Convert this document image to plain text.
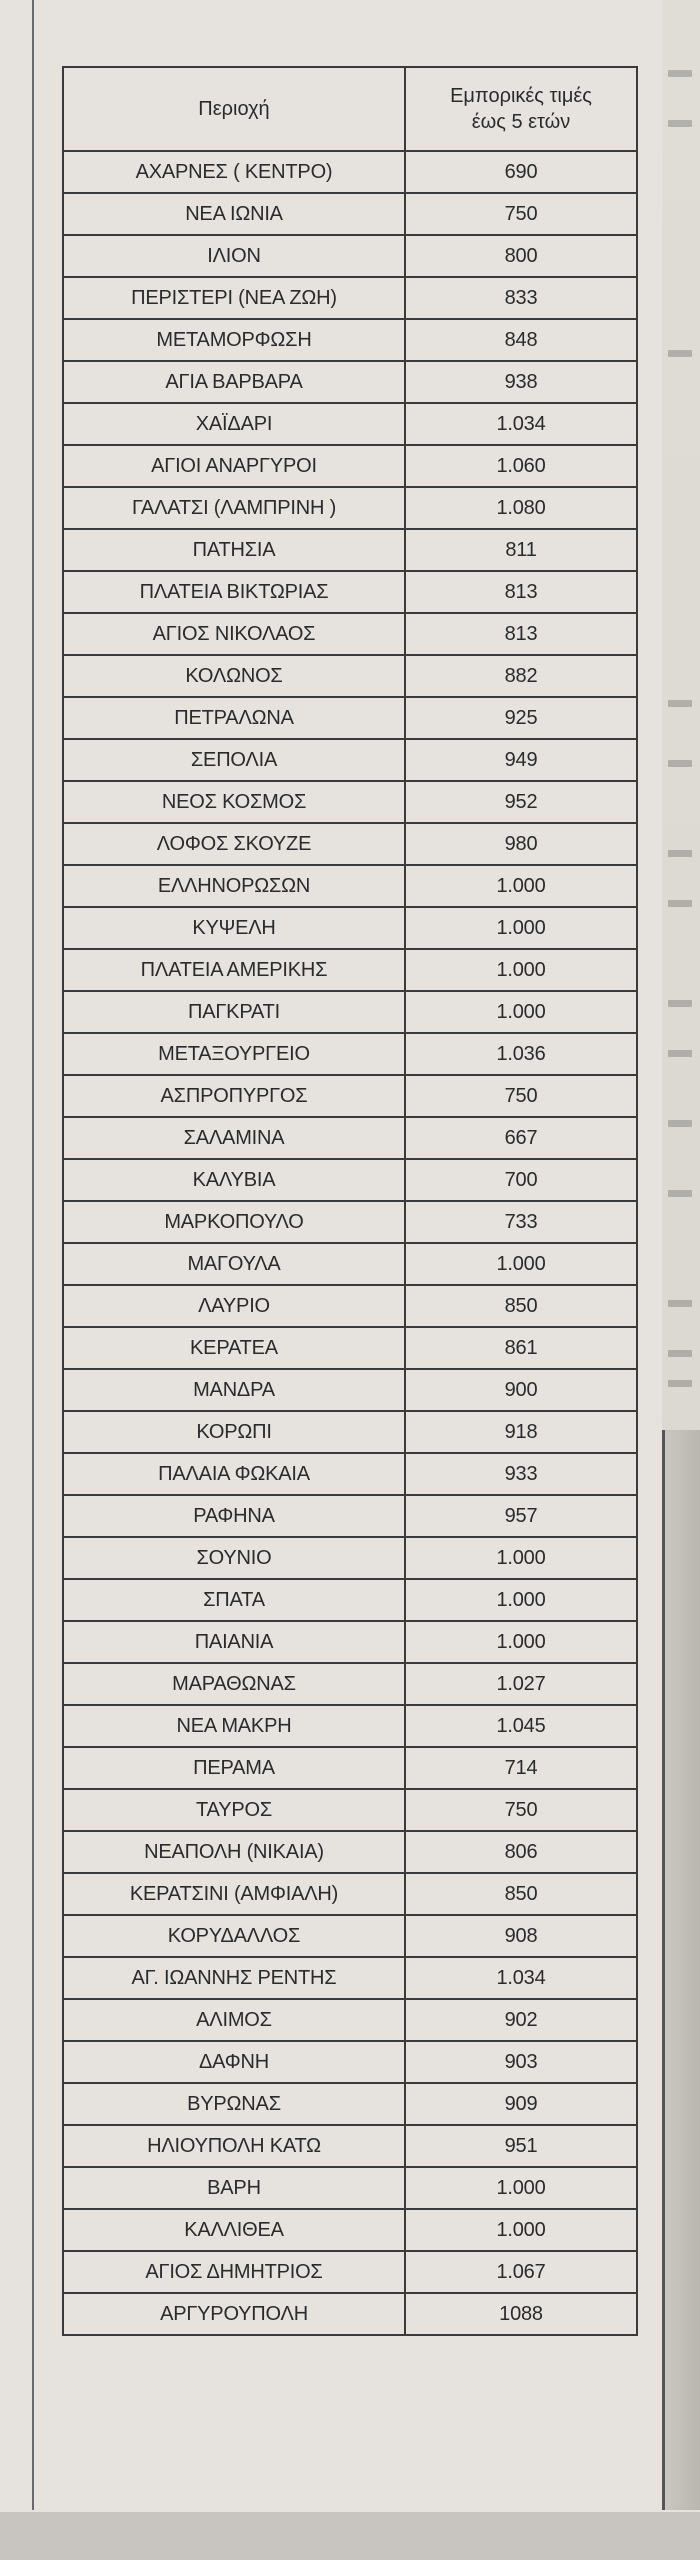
Περιοχή	Εμπορικές τιμές
έως 5 ετών
ΑΧΑΡΝΕΣ ( ΚΕΝΤΡΟ)	690
ΝΕΑ ΙΩΝΙΑ	750
ΙΛΙΟΝ	800
ΠΕΡΙΣΤΕΡΙ (ΝΕΑ ΖΩΗ)	833
ΜΕΤΑΜΟΡΦΩΣΗ	848
ΑΓΙΑ ΒΑΡΒΑΡΑ	938
ΧΑΪΔΑΡΙ	1.034
ΑΓΙΟΙ ΑΝΑΡΓΥΡΟΙ	1.060
ΓΑΛΑΤΣΙ (ΛΑΜΠΡΙΝΗ )	1.080
ΠΑΤΗΣΙΑ	811
ΠΛΑΤΕΙΑ ΒΙΚΤΩΡΙΑΣ	813
ΑΓΙΟΣ ΝΙΚΟΛΑΟΣ	813
ΚΟΛΩΝΟΣ	882
ΠΕΤΡΑΛΩΝΑ	925
ΣΕΠΟΛΙΑ	949
ΝΕΟΣ ΚΟΣΜΟΣ	952
ΛΟΦΟΣ ΣΚΟΥΖΕ	980
ΕΛΛΗΝΟΡΩΣΩΝ	1.000
ΚΥΨΕΛΗ	1.000
ΠΛΑΤΕΙΑ ΑΜΕΡΙΚΗΣ	1.000
ΠΑΓΚΡΑΤΙ	1.000
ΜΕΤΑΞΟΥΡΓΕΙΟ	1.036
ΑΣΠΡΟΠΥΡΓΟΣ	750
ΣΑΛΑΜΙΝΑ	667
ΚΑΛΥΒΙΑ	700
ΜΑΡΚΟΠΟΥΛΟ	733
ΜΑΓΟΥΛΑ	1.000
ΛΑΥΡΙΟ	850
ΚΕΡΑΤΕΑ	861
ΜΑΝΔΡΑ	900
ΚΟΡΩΠΙ	918
ΠΑΛΑΙΑ ΦΩΚΑΙΑ	933
ΡΑΦΗΝΑ	957
ΣΟΥΝΙΟ	1.000
ΣΠΑΤΑ	1.000
ΠΑΙΑΝΙΑ	1.000
ΜΑΡΑΘΩΝΑΣ	1.027
ΝΕΑ ΜΑΚΡΗ	1.045
ΠΕΡΑΜΑ	714
ΤΑΥΡΟΣ	750
ΝΕΑΠΟΛΗ (ΝΙΚΑΙΑ)	806
ΚΕΡΑΤΣΙΝΙ (ΑΜΦΙΑΛΗ)	850
ΚΟΡΥΔΑΛΛΟΣ	908
ΑΓ. ΙΩΑΝΝΗΣ ΡΕΝΤΗΣ	1.034
ΑΛΙΜΟΣ	902
ΔΑΦΝΗ	903
ΒΥΡΩΝΑΣ	909
ΗΛΙΟΥΠΟΛΗ ΚΑΤΩ	951
ΒΑΡΗ	1.000
ΚΑΛΛΙΘΕΑ	1.000
ΑΓΙΟΣ ΔΗΜΗΤΡΙΟΣ	1.067
ΑΡΓΥΡΟΥΠΟΛΗ	1088
